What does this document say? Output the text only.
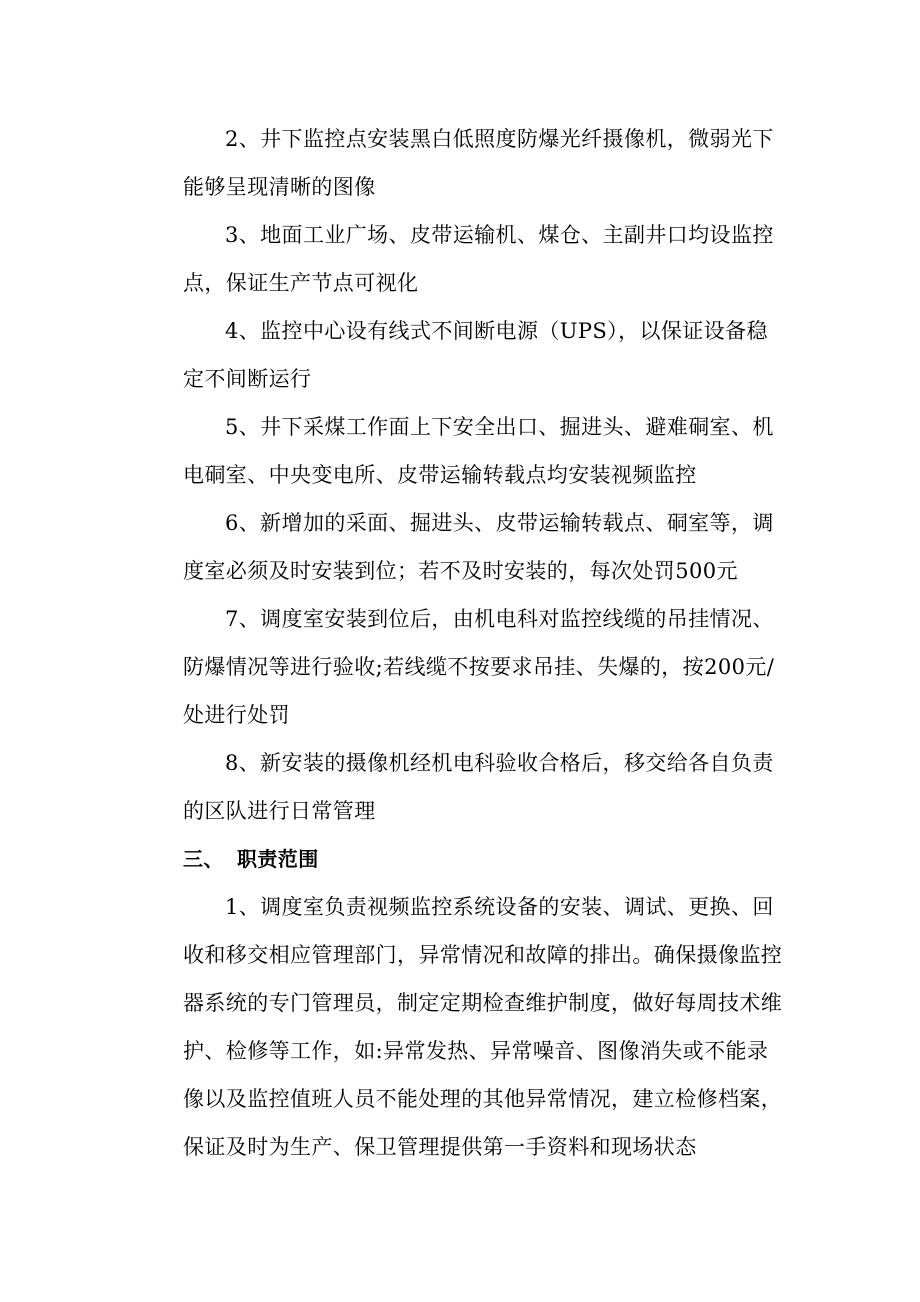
2、井下监控点安装黑白低照度防爆光纤摄像机，微弱光下能够呈现清晰的图像

3、地面工业广场、皮带运输机、煤仓、主副井口均设监控点，保证生产节点可视化

4、监控中心设有线式不间断电源（UPS），以保证设备稳定不间断运行

5、井下采煤工作面上下安全出口、掘进头、避难硐室、机电硐室、中央变电所、皮带运输转载点均安装视频监控

6、新增加的采面、掘进头、皮带运输转载点、硐室等，调度室必须及时安装到位；若不及时安装的，每次处罚500元

7、调度室安装到位后，由机电科对监控线缆的吊挂情况、防爆情况等进行验收;若线缆不按要求吊挂、失爆的，按200元/处进行处罚

8、新安装的摄像机经机电科验收合格后，移交给各自负责的区队进行日常管理

三、 职责范围

1、调度室负责视频监控系统设备的安装、调试、更换、回收和移交相应管理部门，异常情况和故障的排出。确保摄像监控器系统的专门管理员，制定定期检查维护制度，做好每周技术维护、检修等工作，如:异常发热、异常噪音、图像消失或不能录像以及监控值班人员不能处理的其他异常情况，建立检修档案，保证及时为生产、保卫管理提供第一手资料和现场状态
